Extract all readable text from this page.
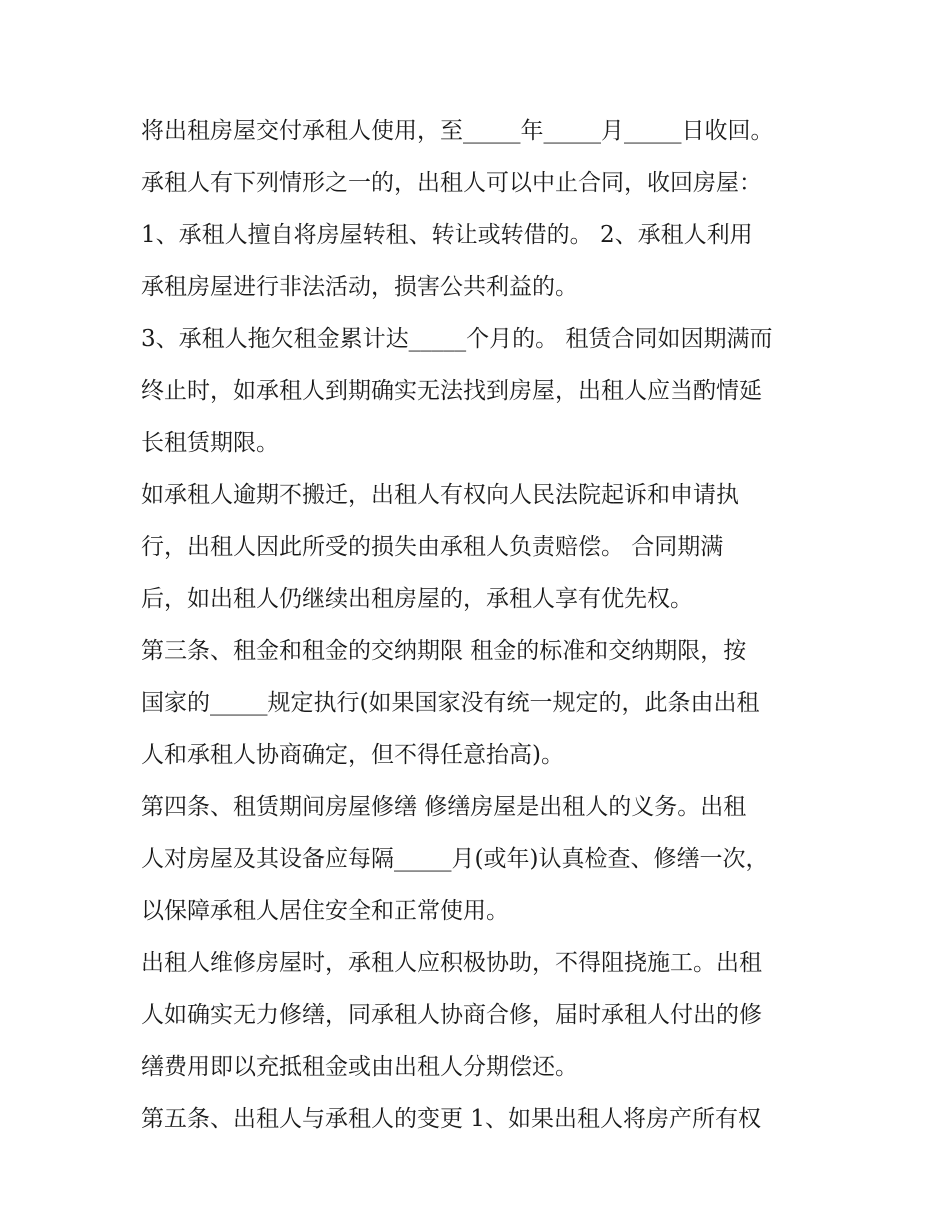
将出租房屋交付承租人使用，至_____年_____月_____日收回。
承租人有下列情形之一的，出租人可以中止合同，收回房屋：
1、承租人擅自将房屋转租、转让或转借的。 2、承租人利用
承租房屋进行非法活动，损害公共利益的。
3、承租人拖欠租金累计达_____个月的。 租赁合同如因期满而
终止时，如承租人到期确实无法找到房屋，出租人应当酌情延
长租赁期限。
如承租人逾期不搬迁，出租人有权向人民法院起诉和申请执
行，出租人因此所受的损失由承租人负责赔偿。 合同期满
后，如出租人仍继续出租房屋的，承租人享有优先权。
第三条、租金和租金的交纳期限 租金的标准和交纳期限，按
国家的_____规定执行(如果国家没有统一规定的，此条由出租
人和承租人协商确定，但不得任意抬高)。
第四条、租赁期间房屋修缮 修缮房屋是出租人的义务。出租
人对房屋及其设备应每隔_____月(或年)认真检查、修缮一次，
以保障承租人居住安全和正常使用。
出租人维修房屋时，承租人应积极协助，不得阻挠施工。出租
人如确实无力修缮，同承租人协商合修，届时承租人付出的修
缮费用即以充抵租金或由出租人分期偿还。
第五条、出租人与承租人的变更 1、如果出租人将房产所有权
